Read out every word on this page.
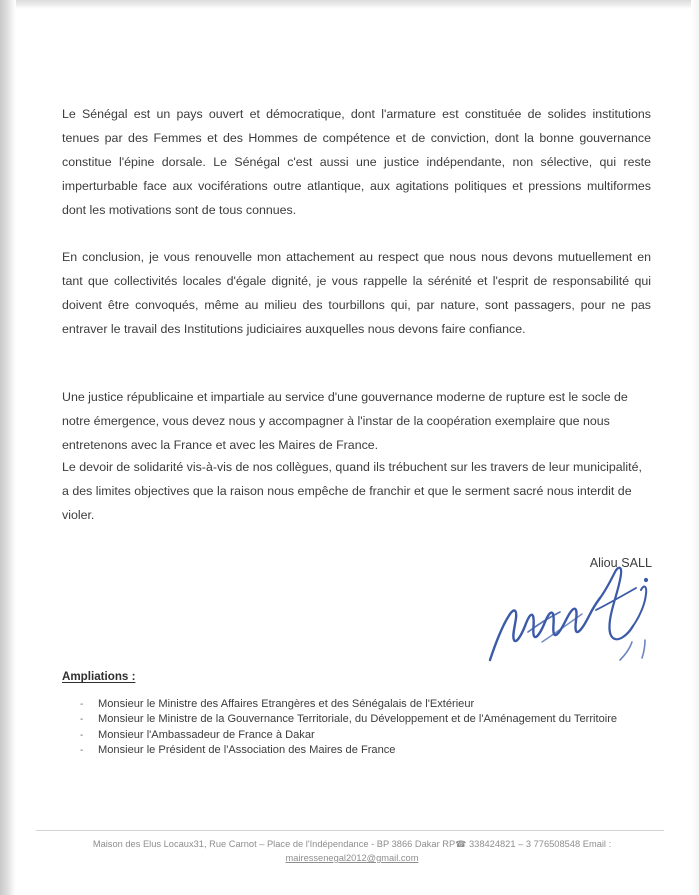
Le Sénégal est un pays ouvert et démocratique, dont l'armature est constituée de solides institutions tenues par des Femmes et des Hommes de compétence et de conviction, dont la bonne gouvernance constitue l'épine dorsale. Le Sénégal c'est aussi une justice indépendante, non sélective, qui reste imperturbable face aux vociférations outre atlantique, aux agitations politiques et pressions multiformes dont les motivations sont de tous connues.

En conclusion, je vous renouvelle mon attachement au respect que nous nous devons mutuellement en tant que collectivités locales d'égale dignité, je vous rappelle la sérénité et l'esprit de responsabilité qui doivent être convoqués, même au milieu des tourbillons qui, par nature, sont passagers, pour ne pas entraver le travail des Institutions judiciaires auxquelles nous devons faire confiance.

Une justice républicaine et impartiale au service d'une gouvernance moderne de rupture est le socle de notre émergence, vous devez nous y accompagner à l'instar de la coopération exemplaire que nous entretenons avec la France et avec les Maires de France.

Le devoir de solidarité vis-à-vis de nos collègues, quand ils trébuchent sur les travers de leur municipalité, a des limites objectives que la raison nous empêche de franchir et que le serment sacré nous interdit de violer.

Aliou SALL
Ampliations :
- Monsieur le Ministre des Affaires Etrangères et des Sénégalais de l'Extérieur
- Monsieur le Ministre de la Gouvernance Territoriale, du Développement et de l'Aménagement du Territoire
- Monsieur l'Ambassadeur de France à Dakar
- Monsieur le Président de l'Association des Maires de France
Maison des Elus Locaux31, Rue Carnot – Place de l'Indépendance - BP 3866 Dakar RP☎ 338424821 – 3 776508548 Email :
mairessenegal2012@gmail.com
